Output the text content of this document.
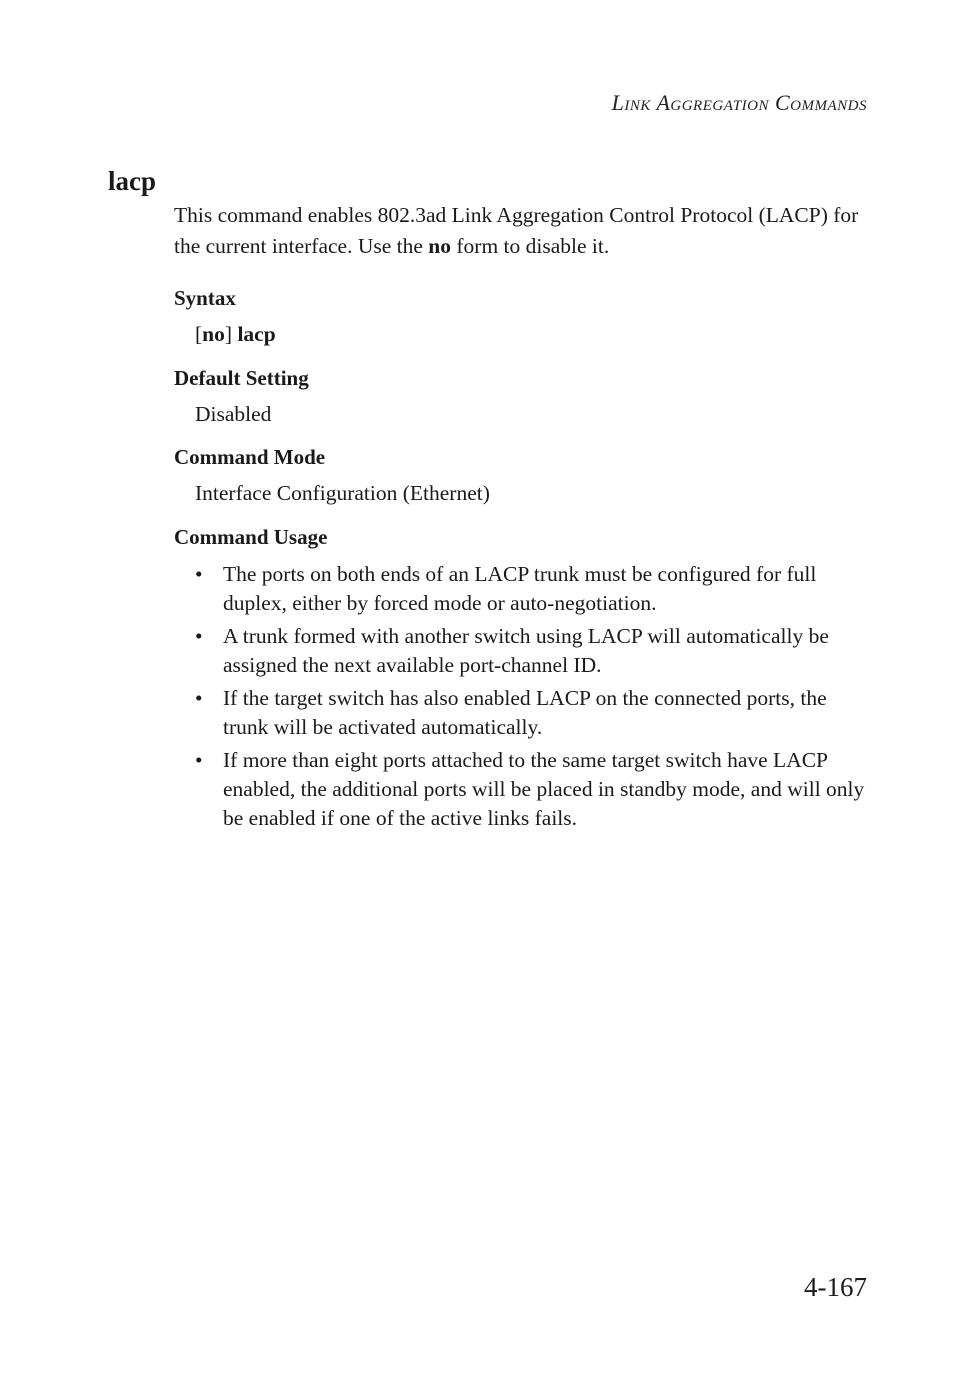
Link Aggregation Commands
lacp

This command enables 802.3ad Link Aggregation Control Protocol (LACP) for the current interface. Use the no form to disable it.

Syntax

[no] lacp

Default Setting

Disabled

Command Mode

Interface Configuration (Ethernet)

Command Usage
• The ports on both ends of an LACP trunk must be configured for full duplex, either by forced mode or auto-negotiation.
• A trunk formed with another switch using LACP will automatically be assigned the next available port-channel ID.
• If the target switch has also enabled LACP on the connected ports, the trunk will be activated automatically.
• If more than eight ports attached to the same target switch have LACP enabled, the additional ports will be placed in standby mode, and will only be enabled if one of the active links fails.
4-167
